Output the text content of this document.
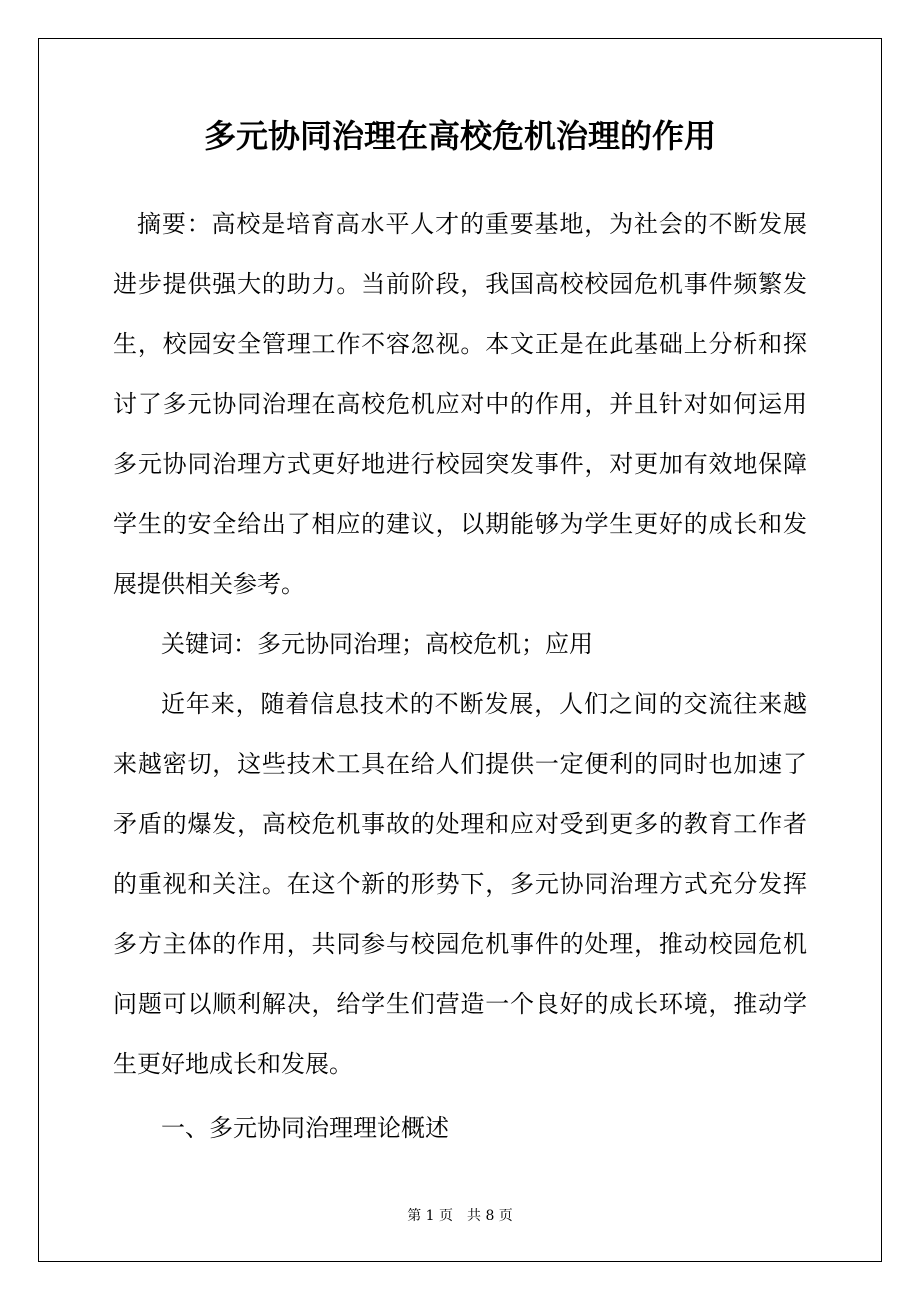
多元协同治理在高校危机治理的作用

摘要：高校是培育高水平人才的重要基地，为社会的不断发展进步提供强大的助力。当前阶段，我国高校校园危机事件频繁发生，校园安全管理工作不容忽视。本文正是在此基础上分析和探讨了多元协同治理在高校危机应对中的作用，并且针对如何运用多元协同治理方式更好地进行校园突发事件，对更加有效地保障学生的安全给出了相应的建议，以期能够为学生更好的成长和发展提供相关参考。

关键词：多元协同治理；高校危机；应用

近年来，随着信息技术的不断发展，人们之间的交流往来越来越密切，这些技术工具在给人们提供一定便利的同时也加速了矛盾的爆发，高校危机事故的处理和应对受到更多的教育工作者的重视和关注。在这个新的形势下，多元协同治理方式充分发挥多方主体的作用，共同参与校园危机事件的处理，推动校园危机问题可以顺利解决，给学生们营造一个良好的成长环境，推动学生更好地成长和发展。

一、多元协同治理理论概述

第 1 页 共 8 页
